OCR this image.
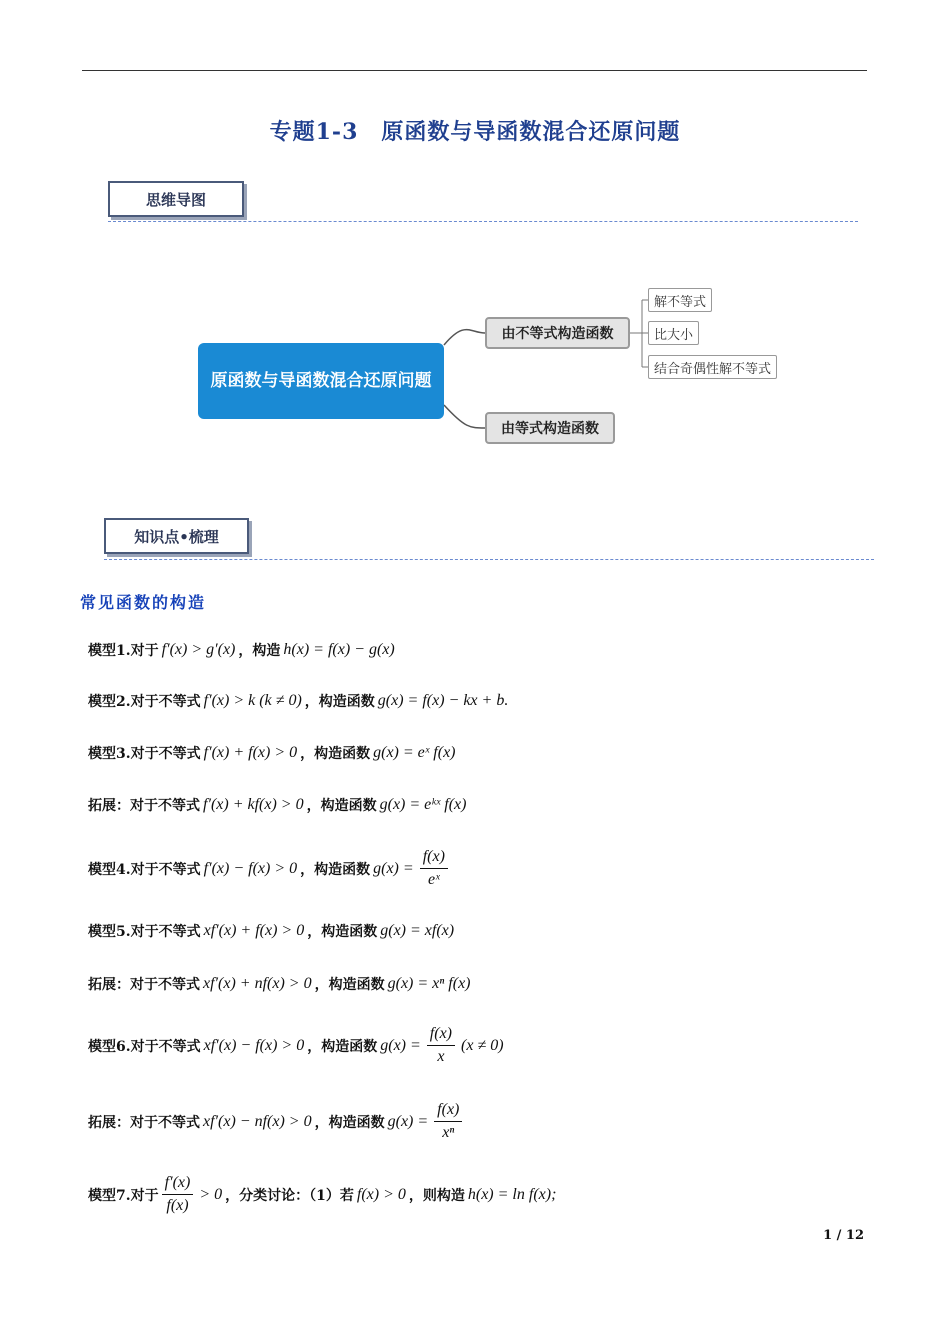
专题1-3　原函数与导函数混合还原问题
思维导图
原函数与导函数混合还原问题
由不等式构造函数
由等式构造函数
解不等式
比大小
结合奇偶性解不等式
知识点•梳理
常见函数的构造
模型1.对于 f′(x) > g′(x) ，构造 h(x) = f(x) − g(x)
模型2.对于不等式 f′(x) > k (k ≠ 0) ，构造函数 g(x) = f(x) − kx + b.
模型3.对于不等式 f′(x) + f(x) > 0 ，构造函数 g(x) = eˣ f(x)
拓展：对于不等式 f′(x) + kf(x) > 0 ，构造函数 g(x) = eᵏˣ f(x)
模型4.对于不等式 f′(x) − f(x) > 0 ，构造函数 $g(x) = \frac{f(x)}{\text{eˣ}}$
模型5.对于不等式 xf′(x) + f(x) > 0 ，构造函数 g(x) = xf(x)
拓展：对于不等式 xf′(x) + nf(x) > 0 ，构造函数 g(x) = xⁿ f(x)
模型6.对于不等式 xf′(x) − f(x) > 0 ，构造函数 $g(x) = \frac{f(x)}{x} (x \ne 0)$
拓展：对于不等式 xf′(x) − nf(x) > 0 ，构造函数 $g(x) = \frac{f(x)}{\text{xⁿ}}$
模型7.对于 $\frac{f'(x)}{f(x)} > 0$ ，分类讨论：（1）若 f(x) > 0 ，则构造 h(x) = ln f(x);
1 / 12
